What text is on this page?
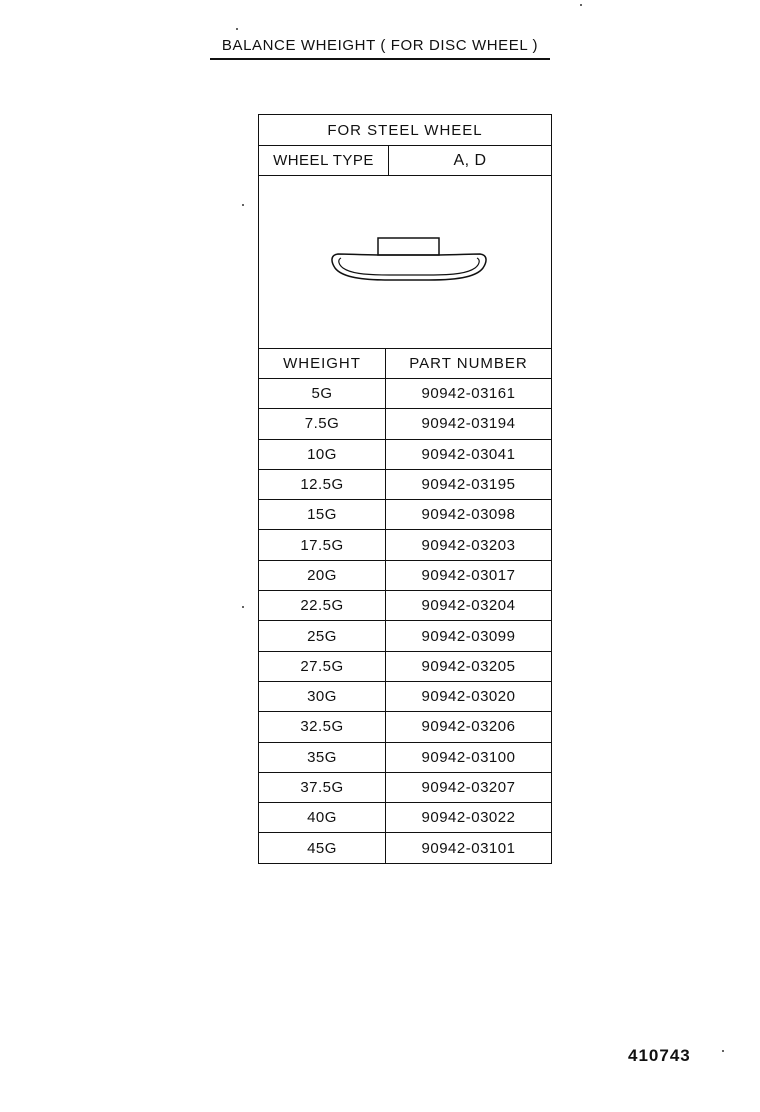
BALANCE WHEIGHT ( FOR DISC WHEEL )
FOR STEEL WHEEL
WHEEL TYPE	A, D
WHEIGHT	PART NUMBER
5G	90942-03161
7.5G	90942-03194
10G	90942-03041
12.5G	90942-03195
15G	90942-03098
17.5G	90942-03203
20G	90942-03017
22.5G	90942-03204
25G	90942-03099
27.5G	90942-03205
30G	90942-03020
32.5G	90942-03206
35G	90942-03100
37.5G	90942-03207
40G	90942-03022
45G	90942-03101
410743
